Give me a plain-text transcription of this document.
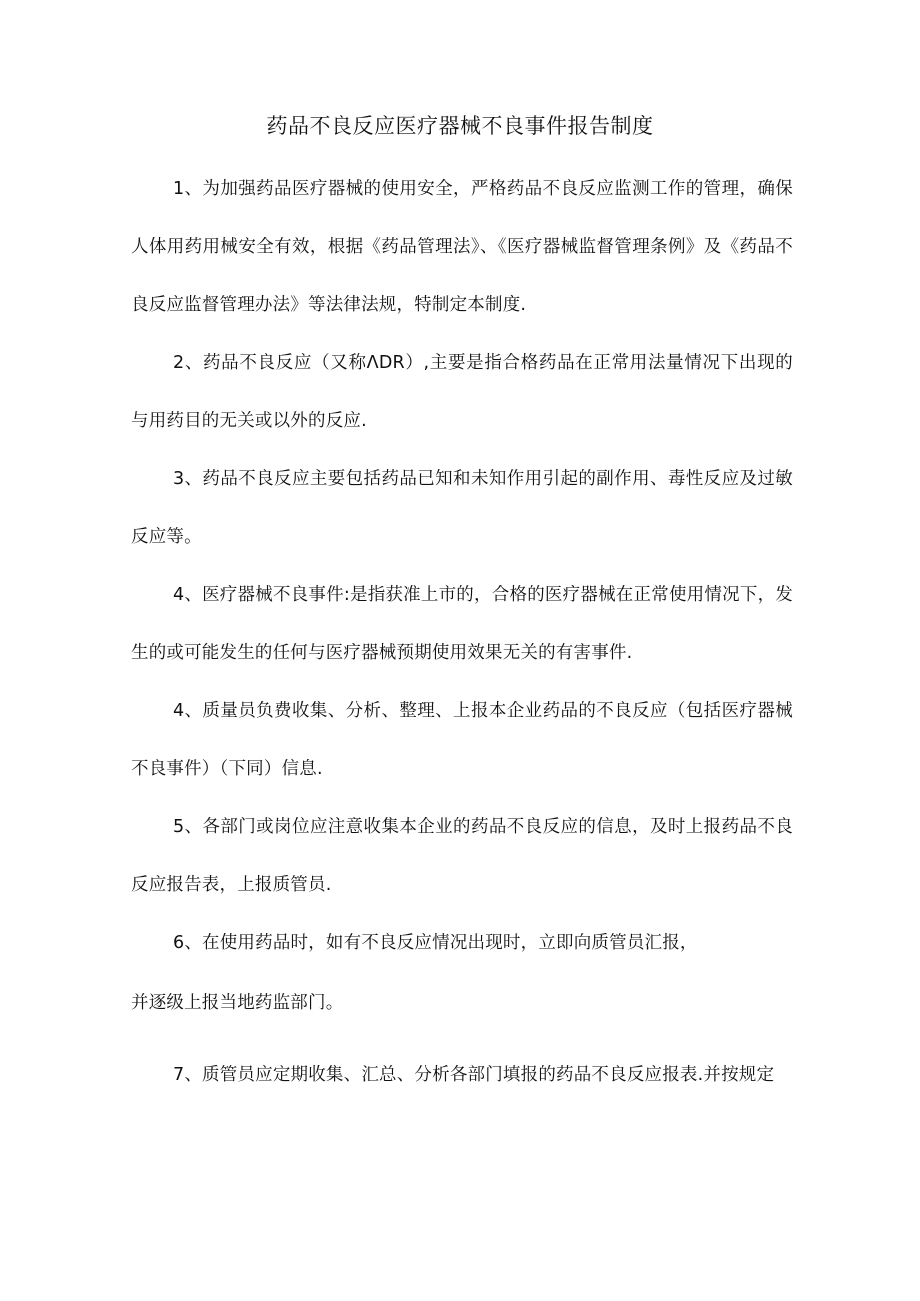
药品不良反应医疗器械不良事件报告制度

1、为加强药品医疗器械的使用安全，严格药品不良反应监测工作的管理，确保人体用药用械安全有效，根据《药品管理法》、《医疗器械监督管理条例》及《药品不良反应监督管理办法》等法律法规，特制定本制度.

2、药品不良反应（又称ΛDR）,主要是指合格药品在正常用法量情况下出现的与用药目的无关或以外的反应.

3、药品不良反应主要包括药品已知和未知作用引起的副作用、毒性反应及过敏反应等。

4、医疗器械不良事件:是指获准上市的，合格的医疗器械在正常使用情况下，发生的或可能发生的任何与医疗器械预期使用效果无关的有害事件.

4、质量员负费收集、分析、整理、上报本企业药品的不良反应（包括医疗器械不良事件）（下同）信息.

5、各部门或岗位应注意收集本企业的药品不良反应的信息，及时上报药品不良反应报告表，上报质管员.

6、在使用药品时，如有不良反应情况出现时，立即向质管员汇报，

并逐级上报当地药监部门。

7、质管员应定期收集、汇总、分析各部门填报的药品不良反应报表.并按规定
